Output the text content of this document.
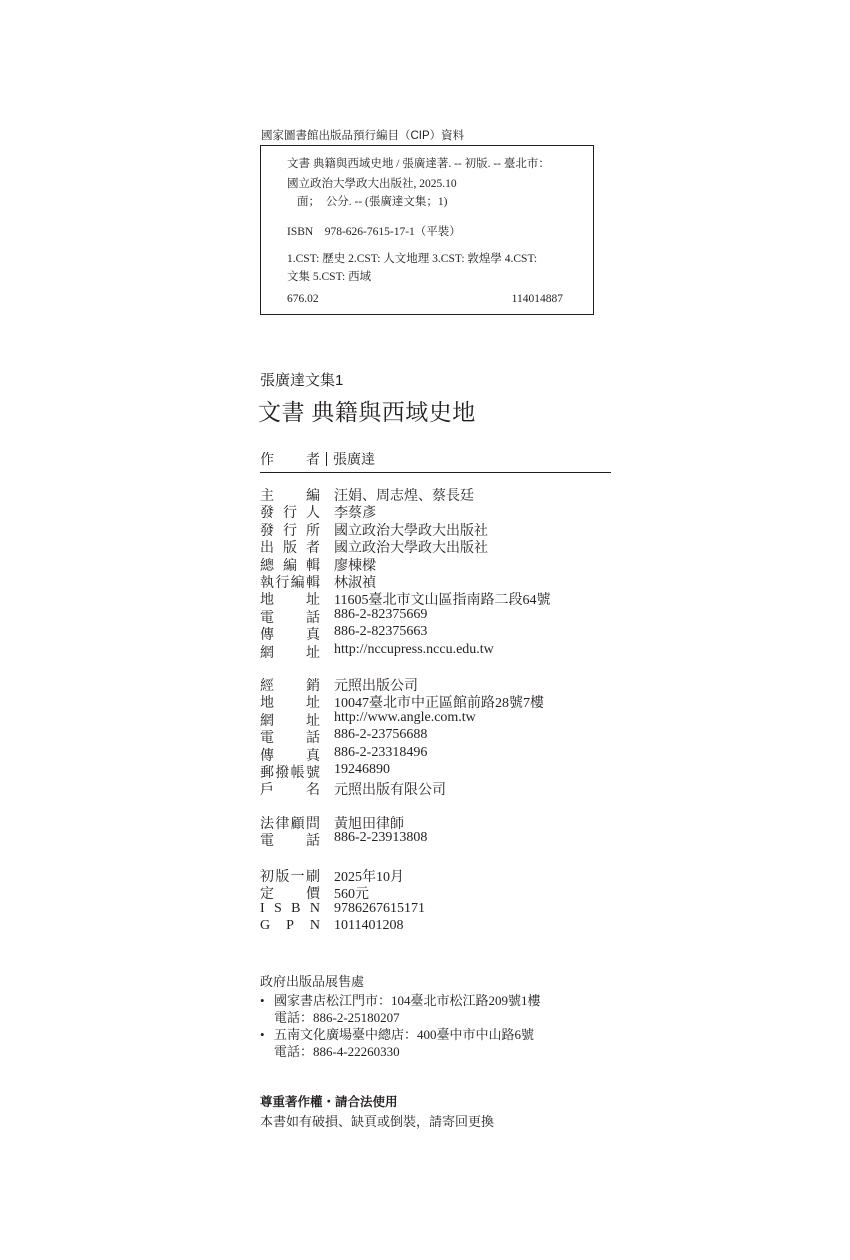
國家圖書館出版品預行編目（CIP）資料
文書 典籍與西域史地 / 張廣達著. -- 初版. -- 臺北市：
國立政治大學政大出版社, 2025.10
面；　公分. -- (張廣達文集；1)
ISBN　978-626-7615-17-1（平裝）
1.CST: 歷史 2.CST: 人文地理 3.CST: 敦煌學 4.CST:
文集 5.CST: 西域
676.02	114014887
張廣達文集1
文書 典籍與西域史地
作 者 張廣達
主 編 汪娟、周志煌、蔡長廷
發 行 人 李蔡彥
發 行 所 國立政治大學政大出版社
出 版 者 國立政治大學政大出版社
總 編 輯 廖棟樑
執 行 編 輯 林淑禎
地 址 11605臺北市文山區指南路二段64號
電 話 886-2-82375669
傳 真 886-2-82375663
網 址 http://nccupress.nccu.edu.tw
經 銷 元照出版公司
地 址 10047臺北市中正區館前路28號7樓
網 址 http://www.angle.com.tw
電 話 886-2-23756688
傳 真 886-2-23318496
郵 撥 帳 號 19246890
戶 名 元照出版有限公司
法 律 顧 問 黃旭田律師
電 話 886-2-23913808
初 版 一 刷 2025年10月
定 價 560元
I S B N 9786267615171
G P N 1011401208
政府出版品展售處
• 國家書店松江門市：104臺北市松江路209號1樓
電話：886-2-25180207
• 五南文化廣場臺中總店：400臺中市中山路6號
電話：886-4-22260330
尊重著作權・請合法使用
本書如有破損、缺頁或倒裝，請寄回更換
